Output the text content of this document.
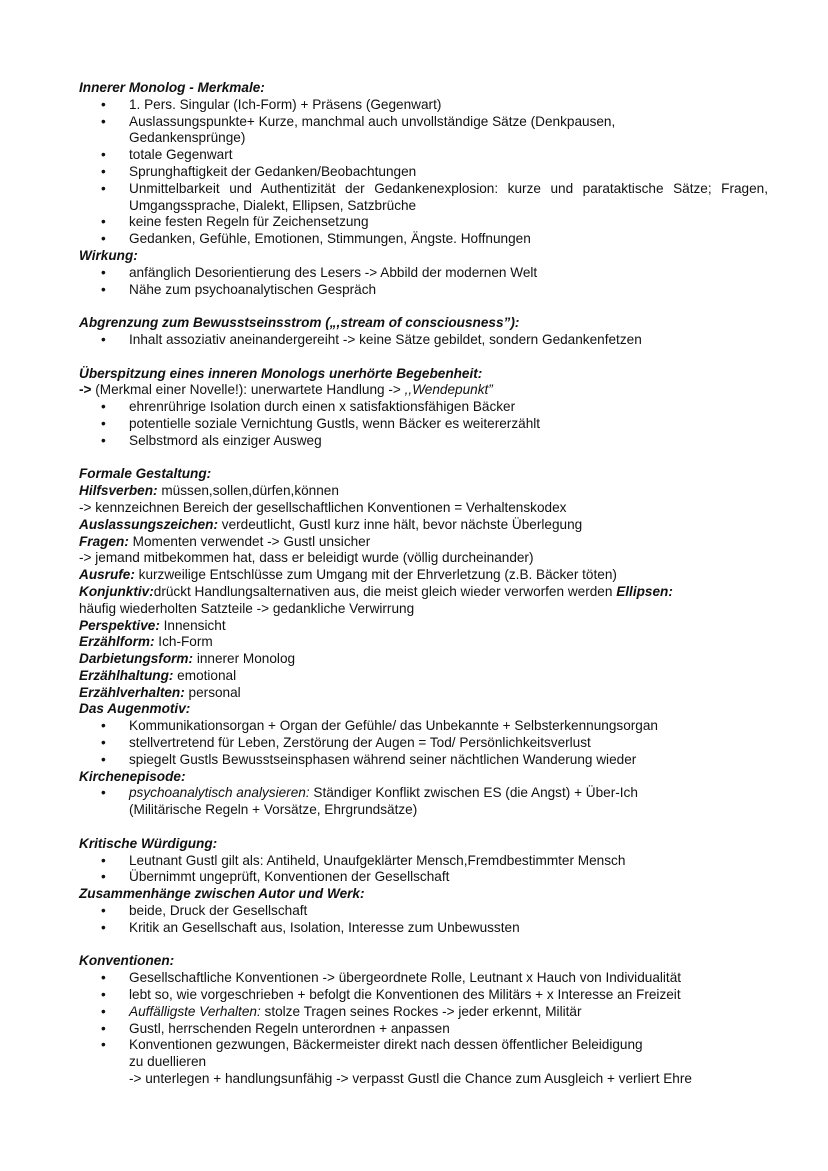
Innerer Monolog - Merkmale:
• 1. Pers. Singular (Ich-Form) + Präsens (Gegenwart)
• Auslassungspunkte+ Kurze, manchmal auch unvollständige Sätze (Denkpausen, Gedankensprünge)
• totale Gegenwart
• Sprunghaftigkeit der Gedanken/Beobachtungen
• Unmittelbarkeit und Authentizität der Gedankenexplosion: kurze und parataktische Sätze; Fragen, Umgangssprache, Dialekt, Ellipsen, Satzbrüche
• keine festen Regeln für Zeichensetzung
• Gedanken, Gefühle, Emotionen, Stimmungen, Ängste. Hoffnungen
Wirkung:
• anfänglich Desorientierung des Lesers -> Abbild der modernen Welt
• Nähe zum psychoanalytischen Gespräch
Abgrenzung zum Bewusstseinsstrom („,stream of consciousness”):
• Inhalt assoziativ aneinandergereiht -> keine Sätze gebildet, sondern Gedankenfetzen
Überspitzung eines inneren Monologs unerhörte Begebenheit:
-> (Merkmal einer Novelle!): unerwartete Handlung -> ,,Wendepunkt”
• ehrenrührige Isolation durch einen x satisfaktionsfähigen Bäcker
• potentielle soziale Vernichtung Gustls, wenn Bäcker es weitererzählt
• Selbstmord als einziger Ausweg
Formale Gestaltung:
Hilfsverben: müssen,sollen,dürfen,können
-> kennzeichnen Bereich der gesellschaftlichen Konventionen = Verhaltenskodex
Auslassungszeichen: verdeutlicht, Gustl kurz inne hält, bevor nächste Überlegung
Fragen: Momenten verwendet -> Gustl unsicher
-> jemand mitbekommen hat, dass er beleidigt wurde (völlig durcheinander)
Ausrufe: kurzweilige Entschlüsse zum Umgang mit der Ehrverletzung (z.B. Bäcker töten)
Konjunktiv:drückt Handlungsalternativen aus, die meist gleich wieder verworfen werden Ellipsen:
häufig wiederholten Satzteile -> gedankliche Verwirrung
Perspektive: Innensicht
Erzählform: Ich-Form
Darbietungsform: innerer Monolog
Erzählhaltung: emotional
Erzählverhalten: personal
Das Augenmotiv:
• Kommunikationsorgan + Organ der Gefühle/ das Unbekannte + Selbsterkennungsorgan
• stellvertretend für Leben, Zerstörung der Augen = Tod/ Persönlichkeitsverlust
• spiegelt Gustls Bewusstseinsphasen während seiner nächtlichen Wanderung wieder
Kirchenepisode:
• psychoanalytisch analysieren: Ständiger Konflikt zwischen ES (die Angst) + Über-Ich (Militärische Regeln + Vorsätze, Ehrgrundsätze)
Kritische Würdigung:
• Leutnant Gustl gilt als: Antiheld, Unaufgeklärter Mensch,Fremdbestimmter Mensch
• Übernimmt ungeprüft, Konventionen der Gesellschaft
Zusammenhänge zwischen Autor und Werk:
• beide, Druck der Gesellschaft
• Kritik an Gesellschaft aus, Isolation, Interesse zum Unbewussten
Konventionen:
• Gesellschaftliche Konventionen -> übergeordnete Rolle, Leutnant x Hauch von Individualität
• lebt so, wie vorgeschrieben + befolgt die Konventionen des Militärs + x Interesse an Freizeit
• Auffälligste Verhalten: stolze Tragen seines Rockes -> jeder erkennt, Militär
• Gustl, herrschenden Regeln unterordnen + anpassen
• Konventionen gezwungen, Bäckermeister direkt nach dessen öffentlicher Beleidigung zu duellieren
-> unterlegen + handlungsunfähig -> verpasst Gustl die Chance zum Ausgleich + verliert Ehre
